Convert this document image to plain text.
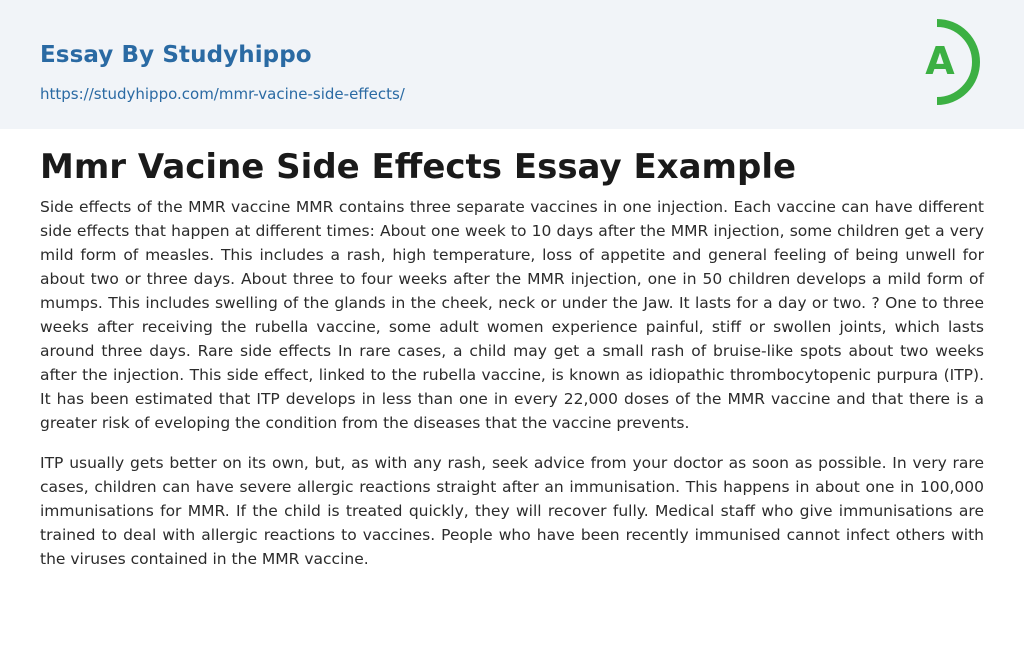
Essay By Studyhippo
https://studyhippo.com/mmr-vacine-side-effects/
A
Mmr Vacine Side Effects Essay Example

Side effects of the MMR vaccine MMR contains three separate vaccines in one injection. Each vaccine can have different side effects that happen at different times: About one week to 10 days after the MMR injection, some children get a very mild form of measles. This includes a rash, high temperature, loss of appetite and general feeling of being unwell for about two or three days. About three to four weeks after the MMR injection, one in 50 children develops a mild form of mumps. This includes swelling of the glands in the cheek, neck or under the Jaw. It lasts for a day or two. ? One to three weeks after receiving the rubella vaccine, some adult women experience painful, stiff or swollen joints, which lasts around three days. Rare side effects In rare cases, a child may get a small rash of bruise-like spots about two weeks after the injection. This side effect, linked to the rubella vaccine, is known as idiopathic thrombocytopenic purpura (ITP). It has been estimated that ITP develops in less than one in every 22,000 doses of the MMR vaccine and that there is a greater risk of eveloping the condition from the diseases that the vaccine prevents.

ITP usually gets better on its own, but, as with any rash, seek advice from your doctor as soon as possible. In very rare cases, children can have severe allergic reactions straight after an immunisation. This happens in about one in 100,000 immunisations for MMR. If the child is treated quickly, they will recover fully. Medical staff who give immunisations are trained to deal with allergic reactions to vaccines. People who have been recently immunised cannot infect others with the viruses contained in the MMR vaccine.
